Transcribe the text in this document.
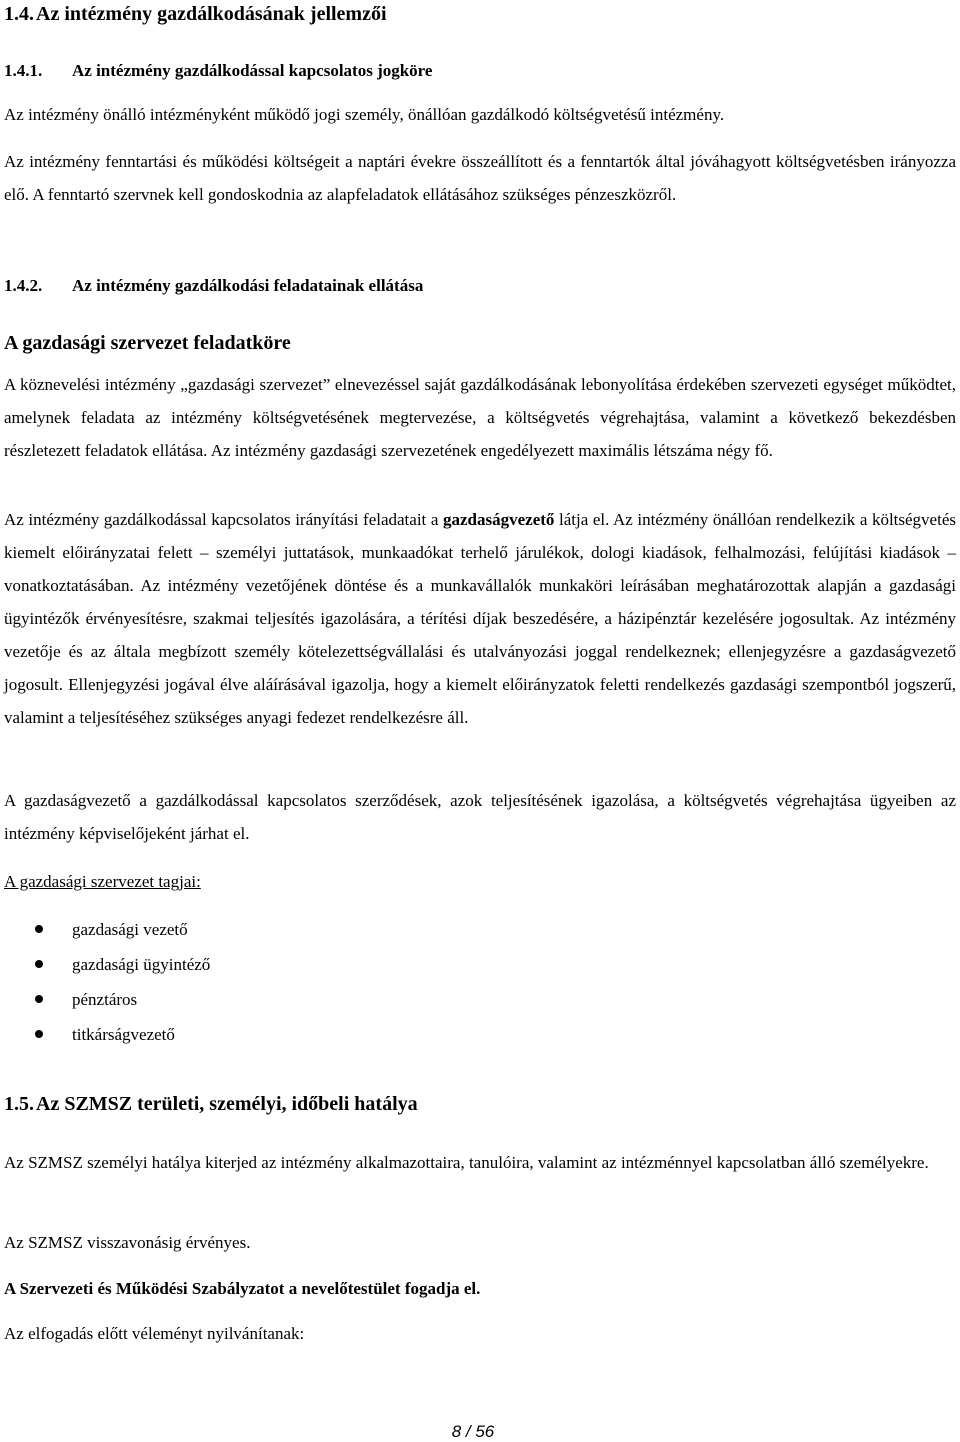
1.4. Az intézmény gazdálkodásának jellemzői
1.4.1. Az intézmény gazdálkodással kapcsolatos jogköre

Az intézmény önálló intézményként működő jogi személy, önállóan gazdálkodó költségvetésű intézmény.

Az intézmény fenntartási és működési költségeit a naptári évekre összeállított és a fenntartók által jóváhagyott költségvetésben irányozza elő. A fenntartó szervnek kell gondoskodnia az alapfeladatok ellátásához szükséges pénzeszközről.

1.4.2. Az intézmény gazdálkodási feladatainak ellátása
A gazdasági szervezet feladatköre

A köznevelési intézmény „gazdasági szervezet” elnevezéssel saját gazdálkodásának lebonyolítása érdekében szervezeti egységet működtet, amelynek feladata az intézmény költségvetésének megtervezése, a költségvetés végrehajtása, valamint a következő bekezdésben részletezett feladatok ellátása. Az intézmény gazdasági szervezetének engedélyezett maximális létszáma négy fő.

Az intézmény gazdálkodással kapcsolatos irányítási feladatait a gazdaságvezető látja el. Az intézmény önállóan rendelkezik a költségvetés kiemelt előirányzatai felett – személyi juttatások, munkaadókat terhelő járulékok, dologi kiadások, felhalmozási, felújítási kiadások – vonatkoztatásában. Az intézmény vezetőjének döntése és a munkavállalók munkaköri leírásában meghatározottak alapján a gazdasági ügyintézők érvényesítésre, szakmai teljesítés igazolására, a térítési díjak beszedésére, a házipénztár kezelésére jogosultak. Az intézmény vezetője és az általa megbízott személy kötelezettségvállalási és utalványozási joggal rendelkeznek; ellenjegyzésre a gazdaságvezető jogosult. Ellenjegyzési jogával élve aláírásával igazolja, hogy a kiemelt előirányzatok feletti rendelkezés gazdasági szempontból jogszerű, valamint a teljesítéséhez szükséges anyagi fedezet rendelkezésre áll.

A gazdaságvezető a gazdálkodással kapcsolatos szerződések, azok teljesítésének igazolása, a költségvetés végrehajtása ügyeiben az intézmény képviselőjeként járhat el.

A gazdasági szervezet tagjai:
gazdasági vezető
gazdasági ügyintéző
pénztáros
titkárságvezető
1.5. Az SZMSZ területi, személyi, időbeli hatálya

Az SZMSZ személyi hatálya kiterjed az intézmény alkalmazottaira, tanulóira, valamint az intézménnyel kapcsolatban álló személyekre.

Az SZMSZ visszavonásig érvényes.

A Szervezeti és Működési Szabályzatot a nevelőtestület fogadja el.

Az elfogadás előtt véleményt nyilvánítanak:

8 / 56
